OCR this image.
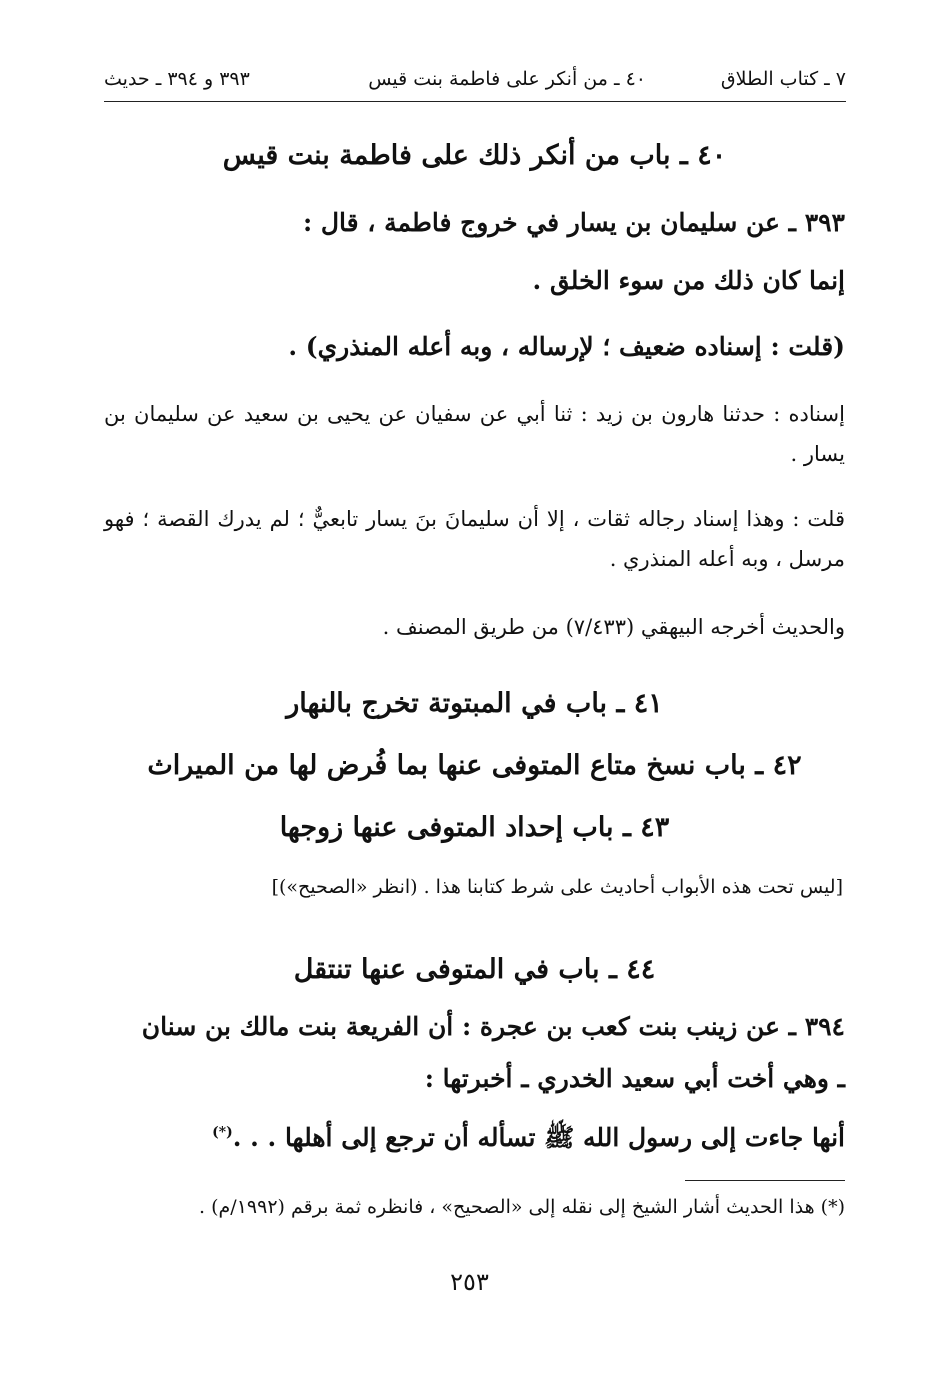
٧ ـ كتاب الطلاق
٤٠ ـ من أنكر على فاطمة بنت قيس
٣٩٣ و ٣٩٤ ـ حديث
٤٠ ـ باب من أنكر ذلك على فاطمة بنت قيس
٣٩٣ ـ عن سليمان بن يسار في خروج فاطمة ، قال :
إنما كان ذلك من سوء الخلق .
(قلت : إسناده ضعيف ؛ لإرساله ، وبه أعله المنذري) .
إسناده : حدثنا هارون بن زيد : ثنا أبي عن سفيان عن يحيى بن سعيد عن سليمان بن يسار .
قلت : وهذا إسناد رجاله ثقات ، إلا أن سليمانَ بنَ يسار تابعيٌّ ؛ لم يدرك القصة ؛ فهو مرسل ، وبه أعله المنذري .
والحديث أخرجه البيهقي (٧/٤٣٣) من طريق المصنف .
٤١ ـ باب في المبتوتة تخرج بالنهار
٤٢ ـ باب نسخ متاع المتوفى عنها بما فُرض لها من الميراث
٤٣ ـ باب إحداد المتوفى عنها زوجها
[ليس تحت هذه الأبواب أحاديث على شرط كتابنا هذا . (انظر «الصحيح»)]
٤٤ ـ باب في المتوفى عنها تنتقل
٣٩٤ ـ عن زينب بنت كعب بن عجرة : أن الفريعة بنت مالك بن سنان
ـ وهي أخت أبي سعيد الخدري ـ أخبرتها :
أنها جاءت إلى رسول الله ﷺ تسأله أن ترجع إلى أهلها . . .(*)
(*) هذا الحديث أشار الشيخ إلى نقله إلى «الصحيح» ، فانظره ثمة برقم (١٩٩٢/م) .
٢٥٣
